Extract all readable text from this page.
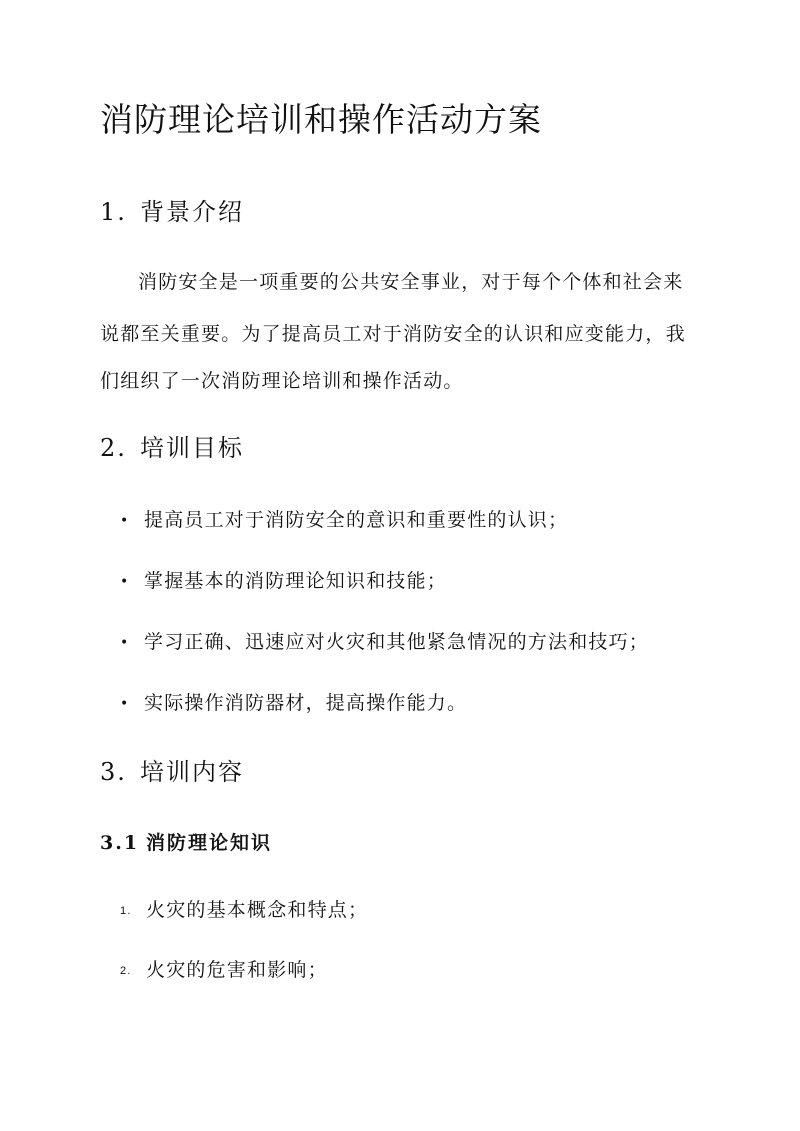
消防理论培训和操作活动方案
1. 背景介绍
消防安全是一项重要的公共安全事业，对于每个个体和社会来
说都至关重要。为了提高员工对于消防安全的认识和应变能力，我
们组织了一次消防理论培训和操作活动。
2. 培训目标
• 提高员工对于消防安全的意识和重要性的认识；
• 掌握基本的消防理论知识和技能；
• 学习正确、迅速应对火灾和其他紧急情况的方法和技巧；
• 实际操作消防器材，提高操作能力。
3. 培训内容
3.1 消防理论知识
1. 火灾的基本概念和特点；
2. 火灾的危害和影响；
